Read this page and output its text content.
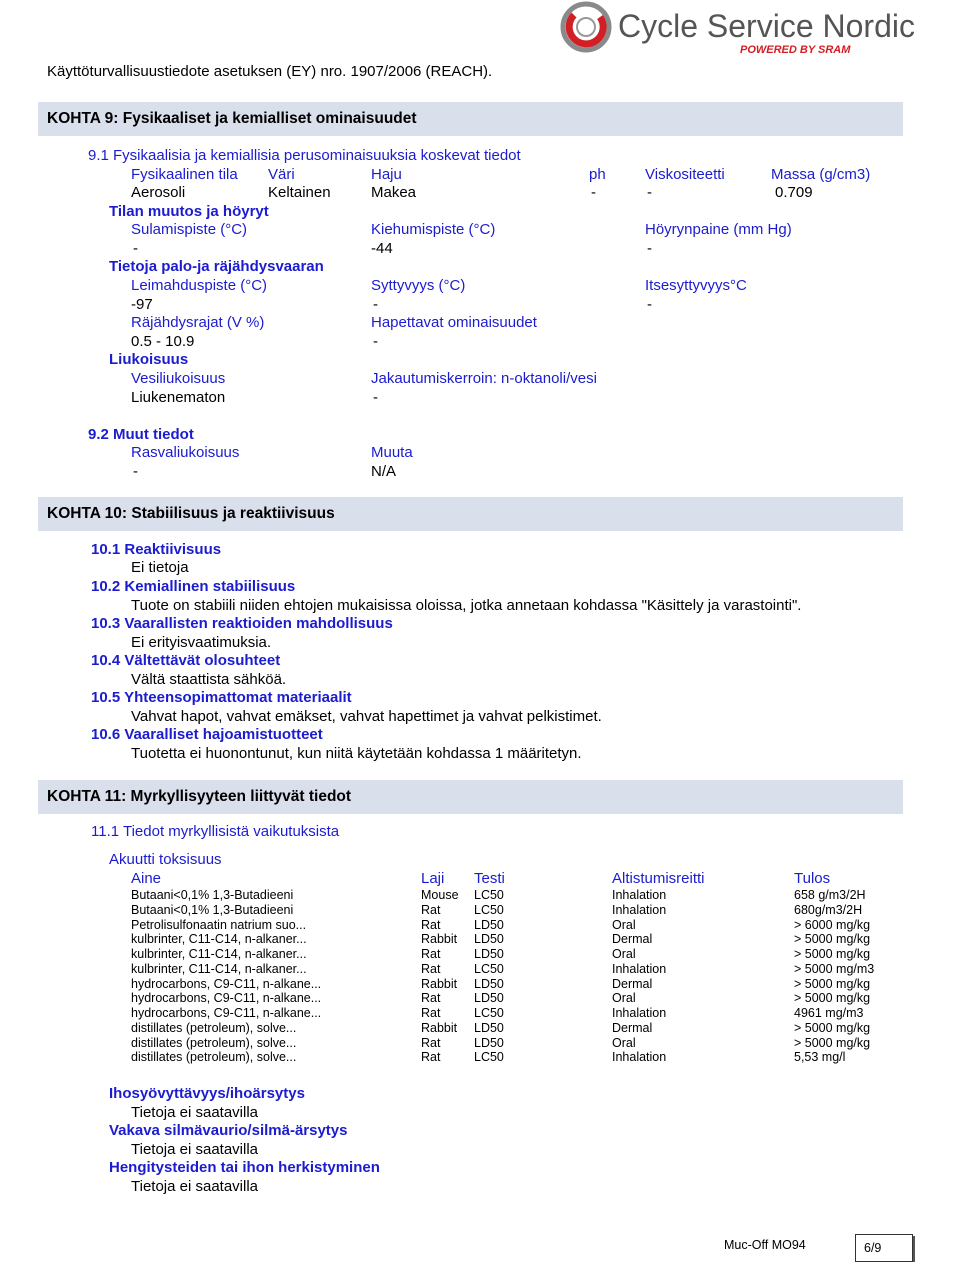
Käyttöturvallisuustiedote asetuksen (EY) nro. 1907/2006 (REACH).
Cycle Service Nordic
POWERED BY SRAM
KOHTA 9: Fysikaaliset ja kemialliset ominaisuudet
9.1 Fysikaalisia ja kemiallisia perusominaisuuksia koskevat tiedot
Fysikaalinen tila Väri	Haju	ph	Viskositeetti	Massa (g/cm3)
Aerosoli	Keltainen	Makea	-	-	0.709
Tilan muutos ja höyryt
Sulamispiste (°C)	Kiehumispiste (°C)	Höyrynpaine (mm Hg)
-	-44	-
Tietoja palo-ja räjähdysvaaran
Leimahduspiste (°C)	Syttyvyys (°C)	Itsesyttyvyys°C
-97	-	-
Räjähdysrajat (V %)	Hapettavat ominaisuudet
0.5 - 10.9	-
Liukoisuus
Vesiliukoisuus	Jakautumiskerroin: n-oktanoli/vesi
Liukenematon	-
9.2 Muut tiedot
Rasvaliukoisuus	Muuta
-	N/A
KOHTA 10: Stabiilisuus ja reaktiivisuus
10.1 Reaktiivisuus
Ei tietoja
10.2 Kemiallinen stabiilisuus
Tuote on stabiili niiden ehtojen mukaisissa oloissa, jotka annetaan kohdassa "Käsittely ja varastointi".
10.3 Vaarallisten reaktioiden mahdollisuus
Ei erityisvaatimuksia.
10.4 Vältettävät olosuhteet
Vältä staattista sähköä.
10.5 Yhteensopimattomat materiaalit
Vahvat hapot, vahvat emäkset, vahvat hapettimet ja vahvat pelkistimet.
10.6 Vaaralliset hajoamistuotteet
Tuotetta ei huonontunut, kun niitä käytetään kohdassa 1 määritetyn.
KOHTA 11: Myrkyllisyyteen liittyvät tiedot
11.1 Tiedot myrkyllisistä vaikutuksista
Akuutti toksisuus
Aine	Laji Testi	Altistumisreitti	Tulos
Butaani<0,1% 1,3-Butadieeni	Mouse LC50	Inhalation	658 g/m3/2H
Butaani<0,1% 1,3-Butadieeni	Rat	LC50	Inhalation	680g/m3/2H
Petrolisulfonaatin natrium suo...	Rat	LD50	Oral	> 6000 mg/kg
kulbrinter, C11-C14, n-alkaner...	Rabbit LD50	Dermal	> 5000 mg/kg
kulbrinter, C11-C14, n-alkaner...	Rat	LD50	Oral	> 5000 mg/kg
kulbrinter, C11-C14, n-alkaner...	Rat	LC50	Inhalation	> 5000 mg/m3
hydrocarbons, C9-C11, n-alkane...	Rabbit LD50	Dermal	> 5000 mg/kg
hydrocarbons, C9-C11, n-alkane...	Rat	LD50	Oral	> 5000 mg/kg
hydrocarbons, C9-C11, n-alkane...	Rat	LC50	Inhalation	4961 mg/m3
distillates (petroleum), solve...	Rabbit LD50	Dermal	> 5000 mg/kg
distillates (petroleum), solve...	Rat	LD50	Oral	> 5000 mg/kg
distillates (petroleum), solve...	Rat	LC50	Inhalation	5,53 mg/l
Ihosyövyttävyys/ihoärsytys
Tietoja ei saatavilla
Vakava silmävaurio/silmä-ärsytys
Tietoja ei saatavilla
Hengitysteiden tai ihon herkistyminen
Tietoja ei saatavilla
Muc-Off MO94	6/9
